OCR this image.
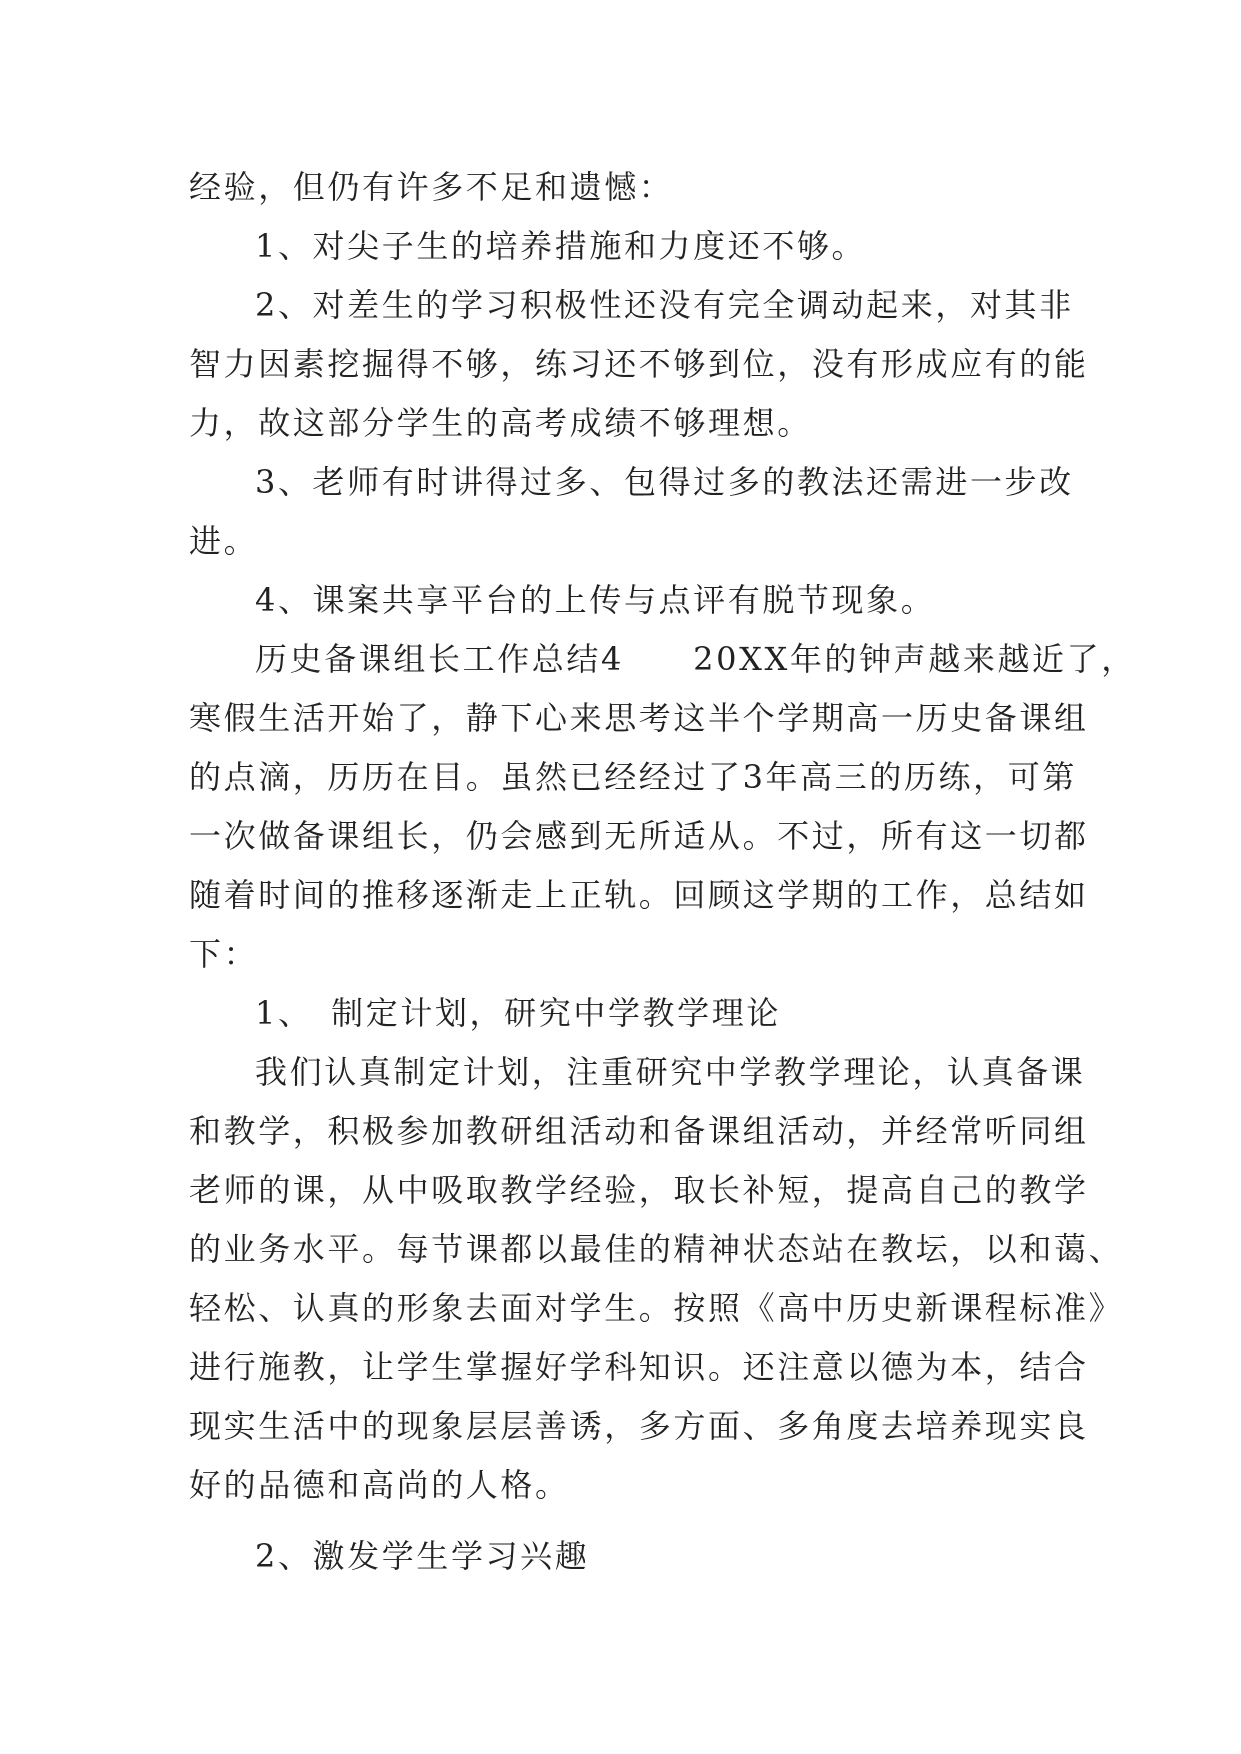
经验，但仍有许多不足和遗憾：
1、对尖子生的培养措施和力度还不够。
2、对差生的学习积极性还没有完全调动起来，对其非
智力因素挖掘得不够，练习还不够到位，没有形成应有的能
力，故这部分学生的高考成绩不够理想。
3、老师有时讲得过多、包得过多的教法还需进一步改
进。
4、课案共享平台的上传与点评有脱节现象。
历史备课组长工作总结4　　20XX年的钟声越来越近了，
寒假生活开始了，静下心来思考这半个学期高一历史备课组
的点滴，历历在目。虽然已经经过了3年高三的历练，可第
一次做备课组长，仍会感到无所适从。不过，所有这一切都
随着时间的推移逐渐走上正轨。回顾这学期的工作，总结如
下：
1、　制定计划，研究中学教学理论
我们认真制定计划，注重研究中学教学理论，认真备课
和教学，积极参加教研组活动和备课组活动，并经常听同组
老师的课，从中吸取教学经验，取长补短，提高自己的教学
的业务水平。每节课都以最佳的精神状态站在教坛，以和蔼、
轻松、认真的形象去面对学生。按照《高中历史新课程标准》
进行施教，让学生掌握好学科知识。还注意以德为本，结合
现实生活中的现象层层善诱，多方面、多角度去培养现实良
好的品德和高尚的人格。
2、激发学生学习兴趣
